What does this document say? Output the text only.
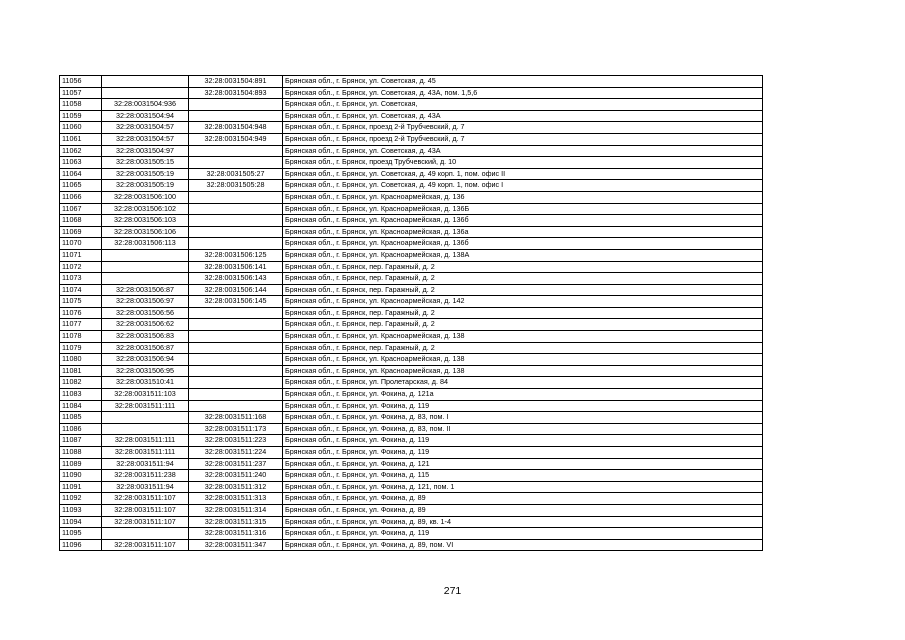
11056		32:28:0031504:891	Брянская обл., г. Брянск, ул. Советская, д. 45
11057		32:28:0031504:893	Брянская обл., г. Брянск, ул. Советская, д. 43А, пом. 1,5,6
11058	32:28:0031504:936		Брянская обл., г. Брянск, ул. Советская,
11059	32:28:0031504:94		Брянская обл., г. Брянск, ул. Советская, д. 43А
11060	32:28:0031504:57	32:28:0031504:948	Брянская обл., г. Брянск, проезд 2-й Трубчевский, д. 7
11061	32:28:0031504:57	32:28:0031504:949	Брянская обл., г. Брянск, проезд 2-й Трубчевский, д. 7
11062	32:28:0031504:97		Брянская обл., г. Брянск, ул. Советская, д. 43А
11063	32:28:0031505:15		Брянская обл., г. Брянск, проезд Трубчевский, д. 10
11064	32:28:0031505:19	32:28:0031505:27	Брянская обл., г. Брянск, ул. Советская, д. 49 корп. 1, пом. офис II
11065	32:28:0031505:19	32:28:0031505:28	Брянская обл., г. Брянск, ул. Советская, д. 49 корп. 1, пом. офис I
11066	32:28:0031506:100		Брянская обл., г. Брянск, ул. Красноармейская, д. 136
11067	32:28:0031506:102		Брянская обл., г. Брянск, ул. Красноармейская, д. 136Б
11068	32:28:0031506:103		Брянская обл., г. Брянск, ул. Красноармейская, д. 136б
11069	32:28:0031506:106		Брянская обл., г. Брянск, ул. Красноармейская, д. 136а
11070	32:28:0031506:113		Брянская обл., г. Брянск, ул. Красноармейская, д. 136б
11071		32:28:0031506:125	Брянская обл., г. Брянск, ул. Красноармейская, д. 138А
11072		32:28:0031506:141	Брянская обл., г. Брянск, пер. Гаражный, д. 2
11073		32:28:0031506:143	Брянская обл., г. Брянск, пер. Гаражный, д. 2
11074	32:28:0031506:87	32:28:0031506:144	Брянская обл., г. Брянск, пер. Гаражный, д. 2
11075	32:28:0031506:97	32:28:0031506:145	Брянская обл., г. Брянск, ул. Красноармейская, д. 142
11076	32:28:0031506:56		Брянская обл., г. Брянск, пер. Гаражный, д. 2
11077	32:28:0031506:62		Брянская обл., г. Брянск, пер. Гаражный, д. 2
11078	32:28:0031506:83		Брянская обл., г. Брянск, ул. Красноармейская, д. 138
11079	32:28:0031506:87		Брянская обл., г. Брянск, пер. Гаражный, д. 2
11080	32:28:0031506:94		Брянская обл., г. Брянск, ул. Красноармейская, д. 138
11081	32:28:0031506:95		Брянская обл., г. Брянск, ул. Красноармейская, д. 138
11082	32:28:0031510:41		Брянская обл., г. Брянск, ул. Пролетарская, д. 84
11083	32:28:0031511:103		Брянская обл., г. Брянск, ул. Фокина, д. 121а
11084	32:28:0031511:111		Брянская обл., г. Брянск, ул. Фокина, д. 119
11085		32:28:0031511:168	Брянская обл., г. Брянск, ул. Фокина, д. 83, пом. I
11086		32:28:0031511:173	Брянская обл., г. Брянск, ул. Фокина, д. 83, пом. II
11087	32:28:0031511:111	32:28:0031511:223	Брянская обл., г. Брянск, ул. Фокина, д. 119
11088	32:28:0031511:111	32:28:0031511:224	Брянская обл., г. Брянск, ул. Фокина, д. 119
11089	32:28:0031511:94	32:28:0031511:237	Брянская обл., г. Брянск, ул. Фокина, д. 121
11090	32:28:0031511:238	32:28:0031511:240	Брянская обл., г. Брянск, ул. Фокина, д. 115
11091	32:28:0031511:94	32:28:0031511:312	Брянская обл., г. Брянск, ул. Фокина, д. 121, пом. 1
11092	32:28:0031511:107	32:28:0031511:313	Брянская обл., г. Брянск, ул. Фокина, д. 89
11093	32:28:0031511:107	32:28:0031511:314	Брянская обл., г. Брянск, ул. Фокина, д. 89
11094	32:28:0031511:107	32:28:0031511:315	Брянская обл., г. Брянск, ул. Фокина, д. 89, кв. 1-4
11095		32:28:0031511:316	Брянская обл., г. Брянск, ул. Фокина, д. 119
11096	32:28:0031511:107	32:28:0031511:347	Брянская обл., г. Брянск, ул. Фокина, д. 89, пом. VI
271
